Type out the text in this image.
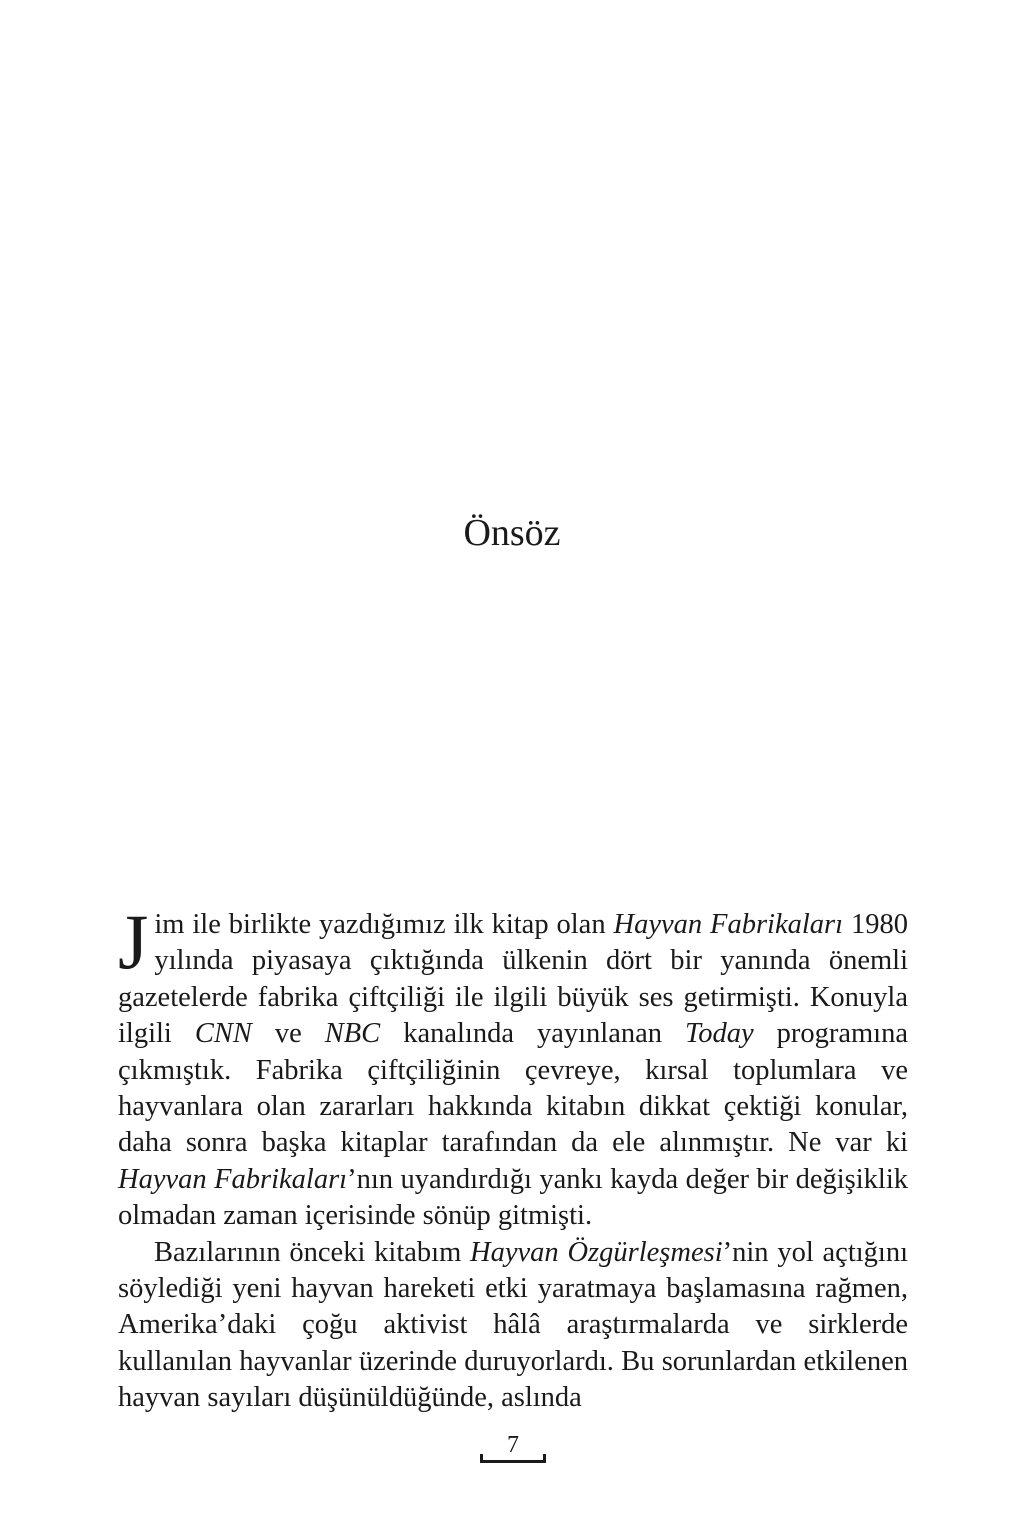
Önsöz

Jim ile birlikte yazdığımız ilk kitap olan Hayvan Fabrikaları 1980 yılında piyasaya çıktığında ülkenin dört bir yanında önemli gazetelerde fabrika çiftçiliği ile ilgili büyük ses getirmişti. Konuyla ilgili CNN ve NBC kanalında yayınlanan Today programına çıkmıştık. Fabrika çiftçiliğinin çevreye, kırsal toplumlara ve hayvanlara olan zararları hakkında kitabın dikkat çektiği konular, daha sonra başka kitaplar tarafından da ele alınmıştır. Ne var ki Hayvan Fabrikaları’nın uyandırdığı yankı kayda değer bir değişiklik olmadan zaman içerisinde sönüp gitmişti.

Bazılarının önceki kitabım Hayvan Özgürleşmesi’nin yol açtığını söylediği yeni hayvan hareketi etki yaratmaya başlamasına rağmen, Amerika’daki çoğu aktivist hâlâ araştırmalarda ve sirklerde kullanılan hayvanlar üzerinde duruyorlardı. Bu sorunlardan etkilenen hayvan sayıları düşünüldüğünde, aslında

7
